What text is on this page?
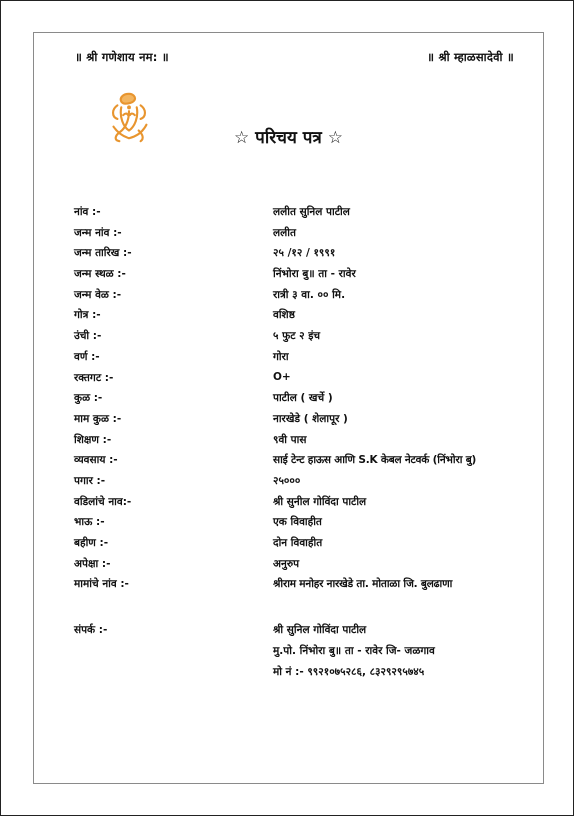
॥ श्री गणेशाय नम: ॥	॥ श्री म्हाळसादेवी ॥
☆ परिचय पत्र ☆
नांव :-	ललीत सुनिल पाटील
जन्म नांव :-	ललीत
जन्म तारिख :-	२५ /१२ / १९९१
जन्म स्थळ :-	निंभोरा बु॥ ता - रावेर
जन्म वेळ :-	रात्री ३ वा. ०० मि.
गोत्र :-	वशिष्ठ
उंची :-	५ फुट २ इंच
वर्ण :-	गोरा
रक्तगट :-	O+
कुळ :-	पाटील ( खर्चे )
माम कुळ :-	नारखेडे ( शेलापूर )
शिक्षण :-	९वी पास
व्यवसाय :-	साई टेन्ट हाऊस आणि S.K केबल नेटवर्क (निंभोरा बु)
पगार :-	२५०००
वडिलांचे नाव:-	श्री सुनील गोविंदा पाटील
भाऊ :-	एक विवाहीत
बहीण :-	दोन विवाहीत
अपेक्षा :-	अनुरुप
मामांचे नांव :-	श्रीराम मनोहर नारखेडे ता. मोताळा जि. बुलढाणा
संपर्क :-	श्री सुनिल गोविंदा पाटील
मु.पो. निंभोरा बु॥ ता - रावेर जि- जळगाव
मो नं :- ९९२१०७५२८६, ८३२९२९५७४५
